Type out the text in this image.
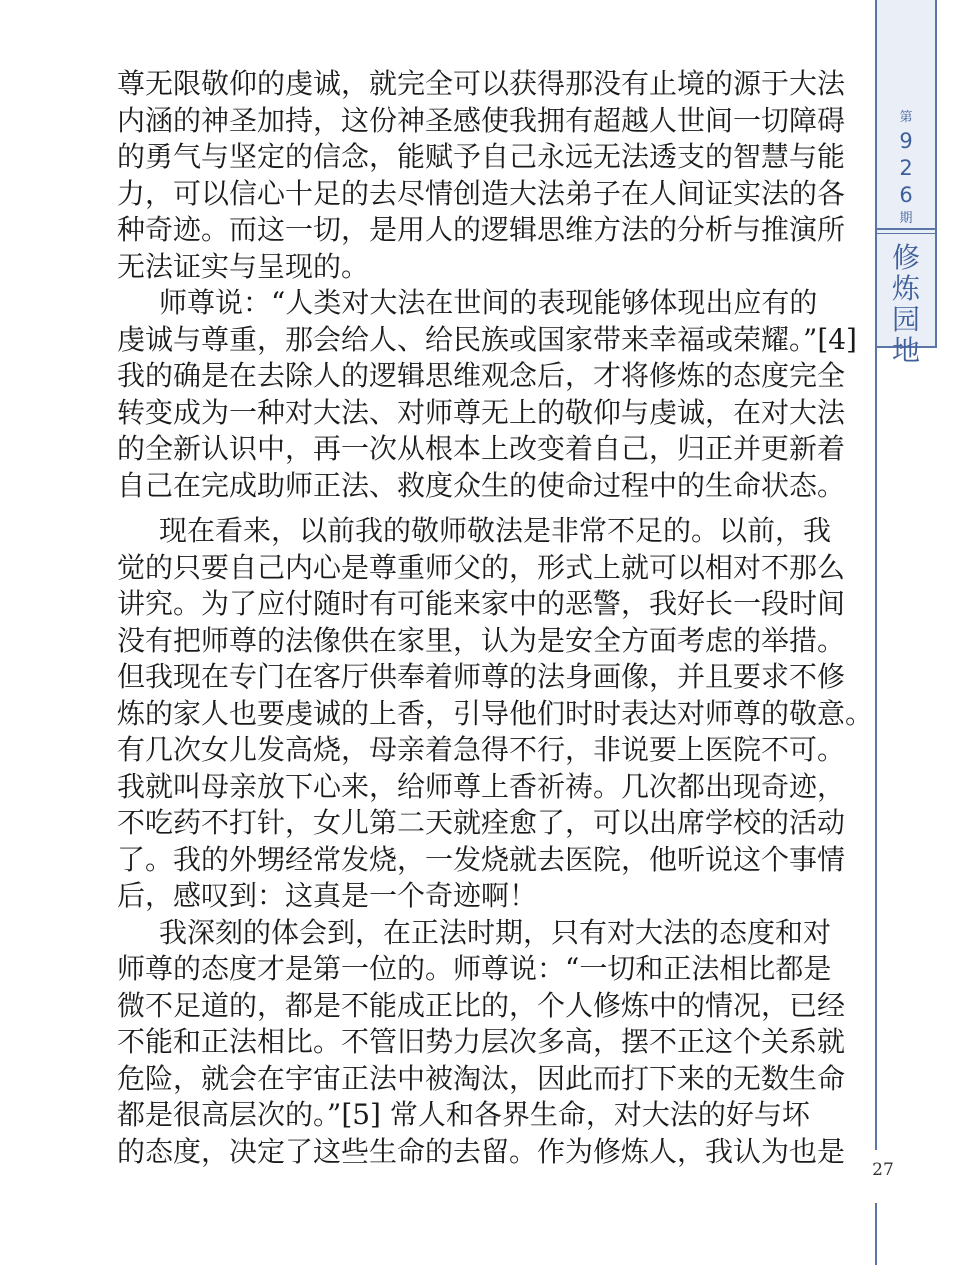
尊无限敬仰的虔诚，就完全可以获得那没有止境的源于大法
内涵的神圣加持，这份神圣感使我拥有超越人世间一切障碍
的勇气与坚定的信念，能赋予自己永远无法透支的智慧与能
力，可以信心十足的去尽情创造大法弟子在人间证实法的各
种奇迹。而这一切，是用人的逻辑思维方法的分析与推演所
无法证实与呈现的。
师尊说：“人类对大法在世间的表现能够体现出应有的
虔诚与尊重，那会给人、给民族或国家带来幸福或荣耀。”[4]
我的确是在去除人的逻辑思维观念后，才将修炼的态度完全
转变成为一种对大法、对师尊无上的敬仰与虔诚，在对大法
的全新认识中，再一次从根本上改变着自己，归正并更新着
自己在完成助师正法、救度众生的使命过程中的生命状态。
现在看来，以前我的敬师敬法是非常不足的。以前，我
觉的只要自己内心是尊重师父的，形式上就可以相对不那么
讲究。为了应付随时有可能来家中的恶警，我好长一段时间
没有把师尊的法像供在家里，认为是安全方面考虑的举措。
但我现在专门在客厅供奉着师尊的法身画像，并且要求不修
炼的家人也要虔诚的上香，引导他们时时表达对师尊的敬意。
有几次女儿发高烧，母亲着急得不行，非说要上医院不可。
我就叫母亲放下心来，给师尊上香祈祷。几次都出现奇迹，
不吃药不打针，女儿第二天就痊愈了，可以出席学校的活动
了。我的外甥经常发烧，一发烧就去医院，他听说这个事情
后，感叹到：这真是一个奇迹啊！
我深刻的体会到，在正法时期，只有对大法的态度和对
师尊的态度才是第一位的。师尊说：“一切和正法相比都是
微不足道的，都是不能成正比的，个人修炼中的情况，已经
不能和正法相比。不管旧势力层次多高，摆不正这个关系就
危险，就会在宇宙正法中被淘汰，因此而打下来的无数生命
都是很高层次的。”[5] 常人和各界生命，对大法的好与坏
的态度，决定了这些生命的去留。作为修炼人，我认为也是
第
9
2
6
期
修
炼
园
地
27
